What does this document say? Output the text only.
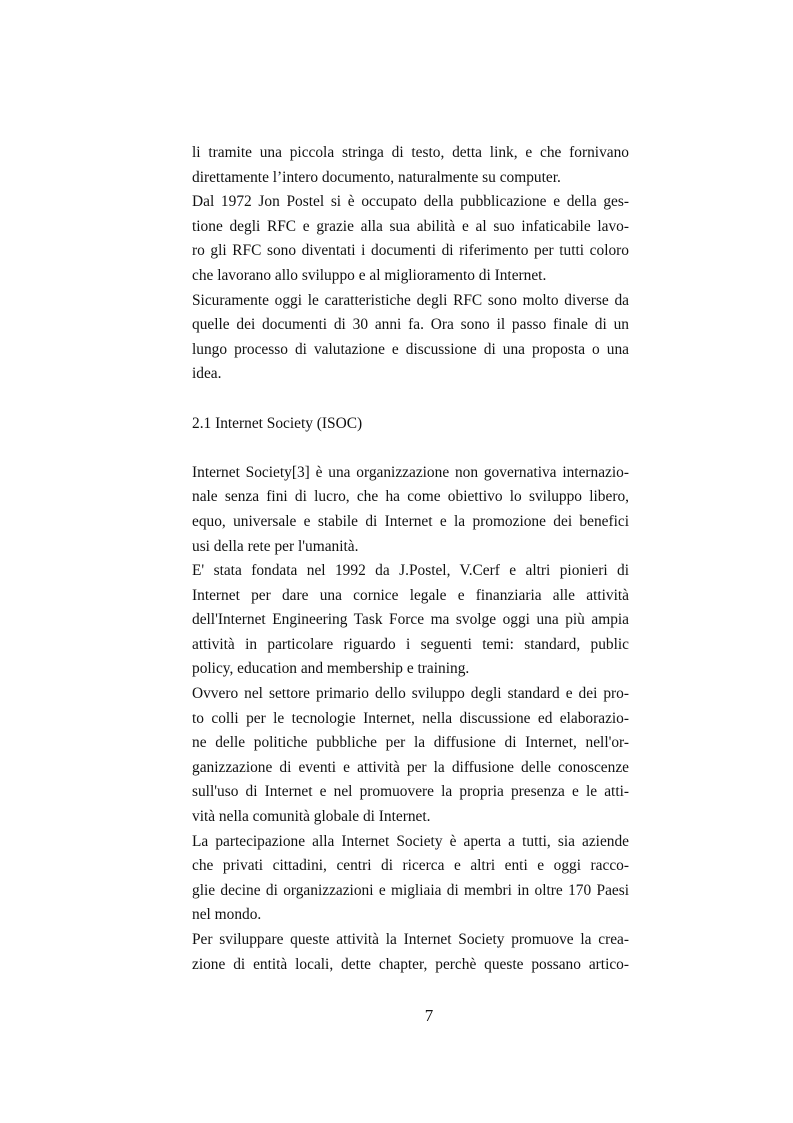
li tramite una piccola stringa di testo, detta link, e che fornivano
direttamente l’intero documento, naturalmente su computer.
Dal 1972 Jon Postel si è occupato della pubblicazione e della ges-
tione degli RFC e grazie alla sua abilità e al suo infaticabile lavo-
ro gli RFC sono diventati i documenti di riferimento per tutti coloro
che lavorano allo sviluppo e al miglioramento di Internet.
Sicuramente oggi le caratteristiche degli RFC sono molto diverse da
quelle dei documenti di 30 anni fa. Ora sono il passo finale di un
lungo processo di valutazione e discussione di una proposta o una
idea.
2.1 Internet Society (ISOC)
Internet Society[3] è una organizzazione non governativa internazio-
nale senza fini di lucro, che ha come obiettivo lo sviluppo libero,
equo, universale e stabile di Internet e la promozione dei benefici
usi della rete per l'umanità.
E' stata fondata nel 1992 da J.Postel, V.Cerf e altri pionieri di
Internet per dare una cornice legale e finanziaria alle attività
dell'Internet Engineering Task Force ma svolge oggi una più ampia
attività in particolare riguardo i seguenti temi: standard, public
policy, education and membership e training.
Ovvero nel settore primario dello sviluppo degli standard e dei pro-
to colli per le tecnologie Internet, nella discussione ed elaborazio-
ne delle politiche pubbliche per la diffusione di Internet, nell'or-
ganizzazione di eventi e attività per la diffusione delle conoscenze
sull'uso di Internet e nel promuovere la propria presenza e le atti-
vità nella comunità globale di Internet.
La partecipazione alla Internet Society è aperta a tutti, sia aziende
che privati cittadini, centri di ricerca e altri enti e oggi racco-
glie decine di organizzazioni e migliaia di membri in oltre 170 Paesi
nel mondo.
Per sviluppare queste attività la Internet Society promuove la crea-
zione di entità locali, dette chapter, perchè queste possano artico-
7
